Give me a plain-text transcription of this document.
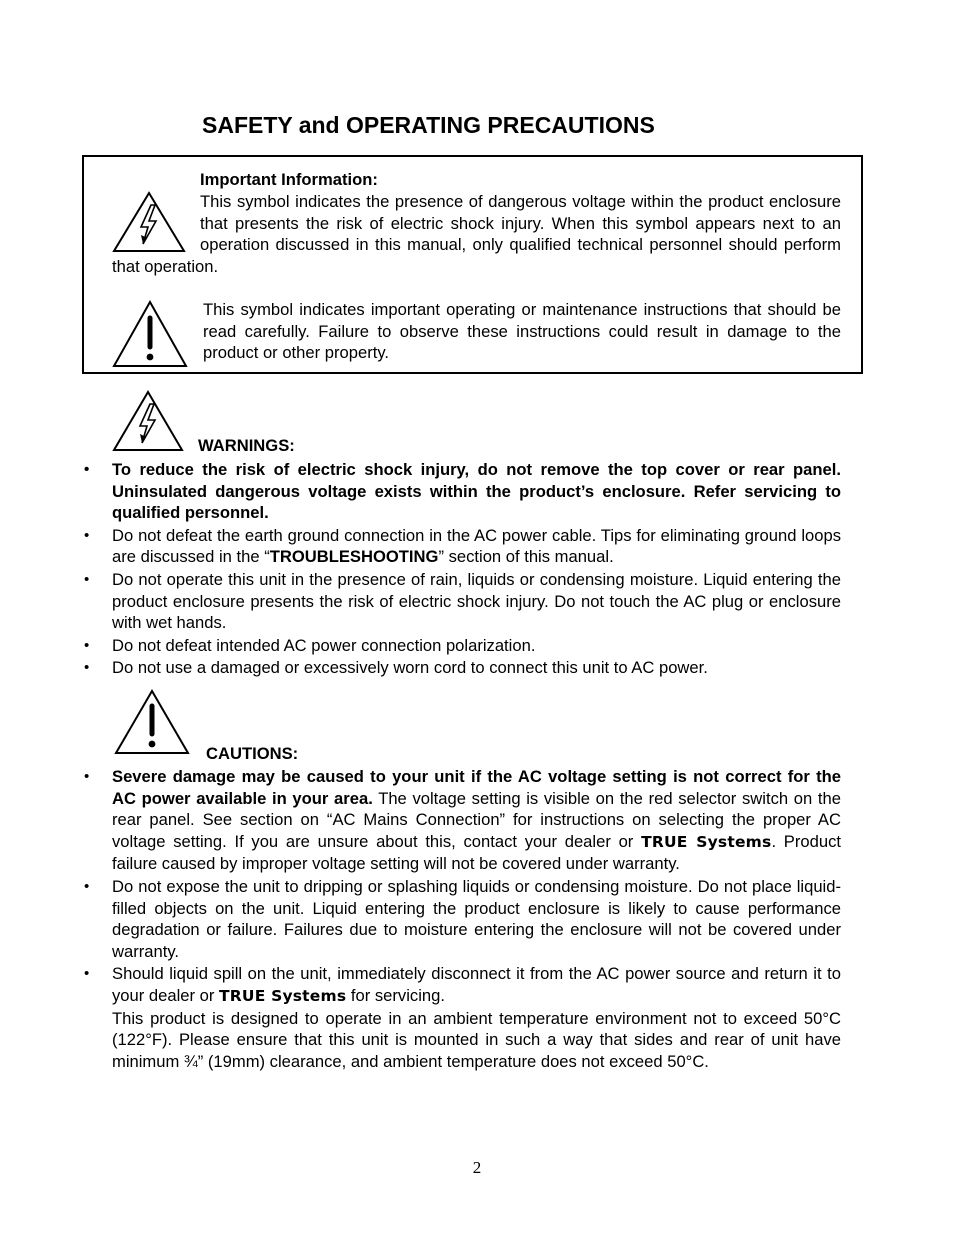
SAFETY and OPERATING PRECAUTIONS
Important Information:

This symbol indicates the presence of dangerous voltage within the product enclosure that presents the risk of electric shock injury. When this symbol appears next to an operation discussed in this manual, only qualified technical personnel should perform that operation.

This symbol indicates important operating or maintenance instructions that should be read carefully. Failure to observe these instructions could result in damage to the product or other property.

WARNINGS:
• To reduce the risk of electric shock injury, do not remove the top cover or rear panel. Uninsulated dangerous voltage exists within the product’s enclosure. Refer servicing to qualified personnel.
• Do not defeat the earth ground connection in the AC power cable. Tips for eliminating ground loops are discussed in the “TROUBLESHOOTING” section of this manual.
• Do not operate this unit in the presence of rain, liquids or condensing moisture. Liquid entering the product enclosure presents the risk of electric shock injury. Do not touch the AC plug or enclosure with wet hands.
• Do not defeat intended AC power connection polarization.
• Do not use a damaged or excessively worn cord to connect this unit to AC power.
CAUTIONS:
• Severe damage may be caused to your unit if the AC voltage setting is not correct for the AC power available in your area. The voltage setting is visible on the red selector switch on the rear panel. See section on “AC Mains Connection” for instructions on selecting the proper AC voltage setting. If you are unsure about this, contact your dealer or TRUE Systems. Product failure caused by improper voltage setting will not be covered under warranty.
• Do not expose the unit to dripping or splashing liquids or condensing moisture. Do not place liquid-filled objects on the unit. Liquid entering the product enclosure is likely to cause performance degradation or failure. Failures due to moisture entering the enclosure will not be covered under warranty.
• Should liquid spill on the unit, immediately disconnect it from the AC power source and return it to your dealer or TRUE Systems for servicing.

This product is designed to operate in an ambient temperature environment not to exceed 50°C (122°F). Please ensure that this unit is mounted in such a way that sides and rear of unit have minimum ¾” (19mm) clearance, and ambient temperature does not exceed 50°C.

2
